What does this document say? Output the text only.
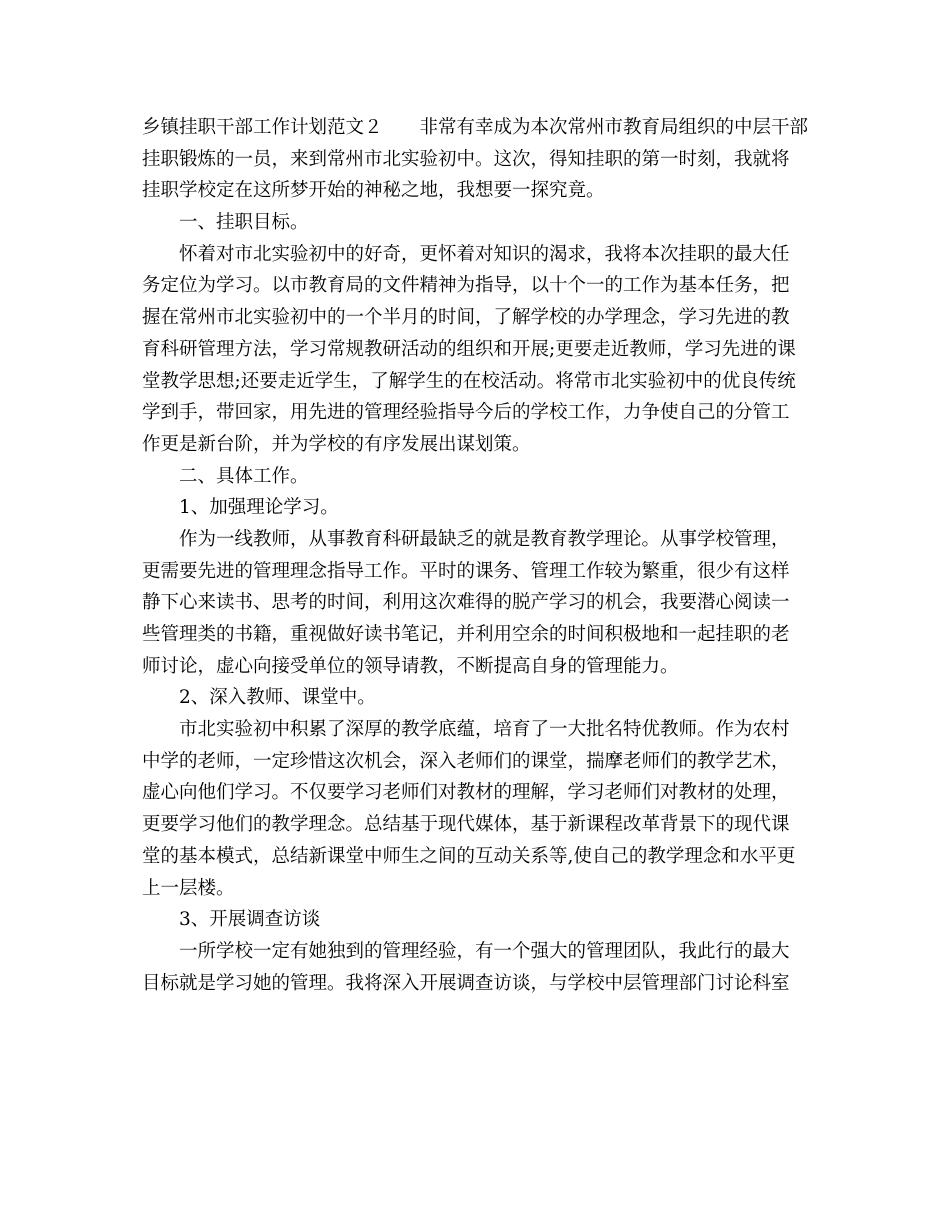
乡镇挂职干部工作计划范文２　　非常有幸成为本次常州市教育局组织的中层干部
挂职锻炼的一员，来到常州市北实验初中。这次，得知挂职的第一时刻，我就将
挂职学校定在这所梦开始的神秘之地，我想要一探究竟。
　　一、挂职目标。
　　怀着对市北实验初中的好奇，更怀着对知识的渴求，我将本次挂职的最大任
务定位为学习。以市教育局的文件精神为指导，以十个一的工作为基本任务，把
握在常州市北实验初中的一个半月的时间，了解学校的办学理念，学习先进的教
育科研管理方法，学习常规教研活动的组织和开展;更要走近教师，学习先进的课
堂教学思想;还要走近学生，了解学生的在校活动。将常市北实验初中的优良传统
学到手，带回家，用先进的管理经验指导今后的学校工作，力争使自己的分管工
作更是新台阶，并为学校的有序发展出谋划策。
　　二、具体工作。
　　1、加强理论学习。
　　作为一线教师，从事教育科研最缺乏的就是教育教学理论。从事学校管理，
更需要先进的管理理念指导工作。平时的课务、管理工作较为繁重，很少有这样
静下心来读书、思考的时间，利用这次难得的脱产学习的机会，我要潜心阅读一
些管理类的书籍，重视做好读书笔记，并利用空余的时间积极地和一起挂职的老
师讨论，虚心向接受单位的领导请教，不断提高自身的管理能力。
　　2、深入教师、课堂中。
　　市北实验初中积累了深厚的教学底蕴，培育了一大批名特优教师。作为农村
中学的老师，一定珍惜这次机会，深入老师们的课堂，揣摩老师们的教学艺术，
虚心向他们学习。不仅要学习老师们对教材的理解，学习老师们对教材的处理，
更要学习他们的教学理念。总结基于现代媒体，基于新课程改革背景下的现代课
堂的基本模式，总结新课堂中师生之间的互动关系等,使自己的教学理念和水平更
上一层楼。
　　3、开展调查访谈
　　一所学校一定有她独到的管理经验，有一个强大的管理团队，我此行的最大
目标就是学习她的管理。我将深入开展调查访谈，与学校中层管理部门讨论科室
